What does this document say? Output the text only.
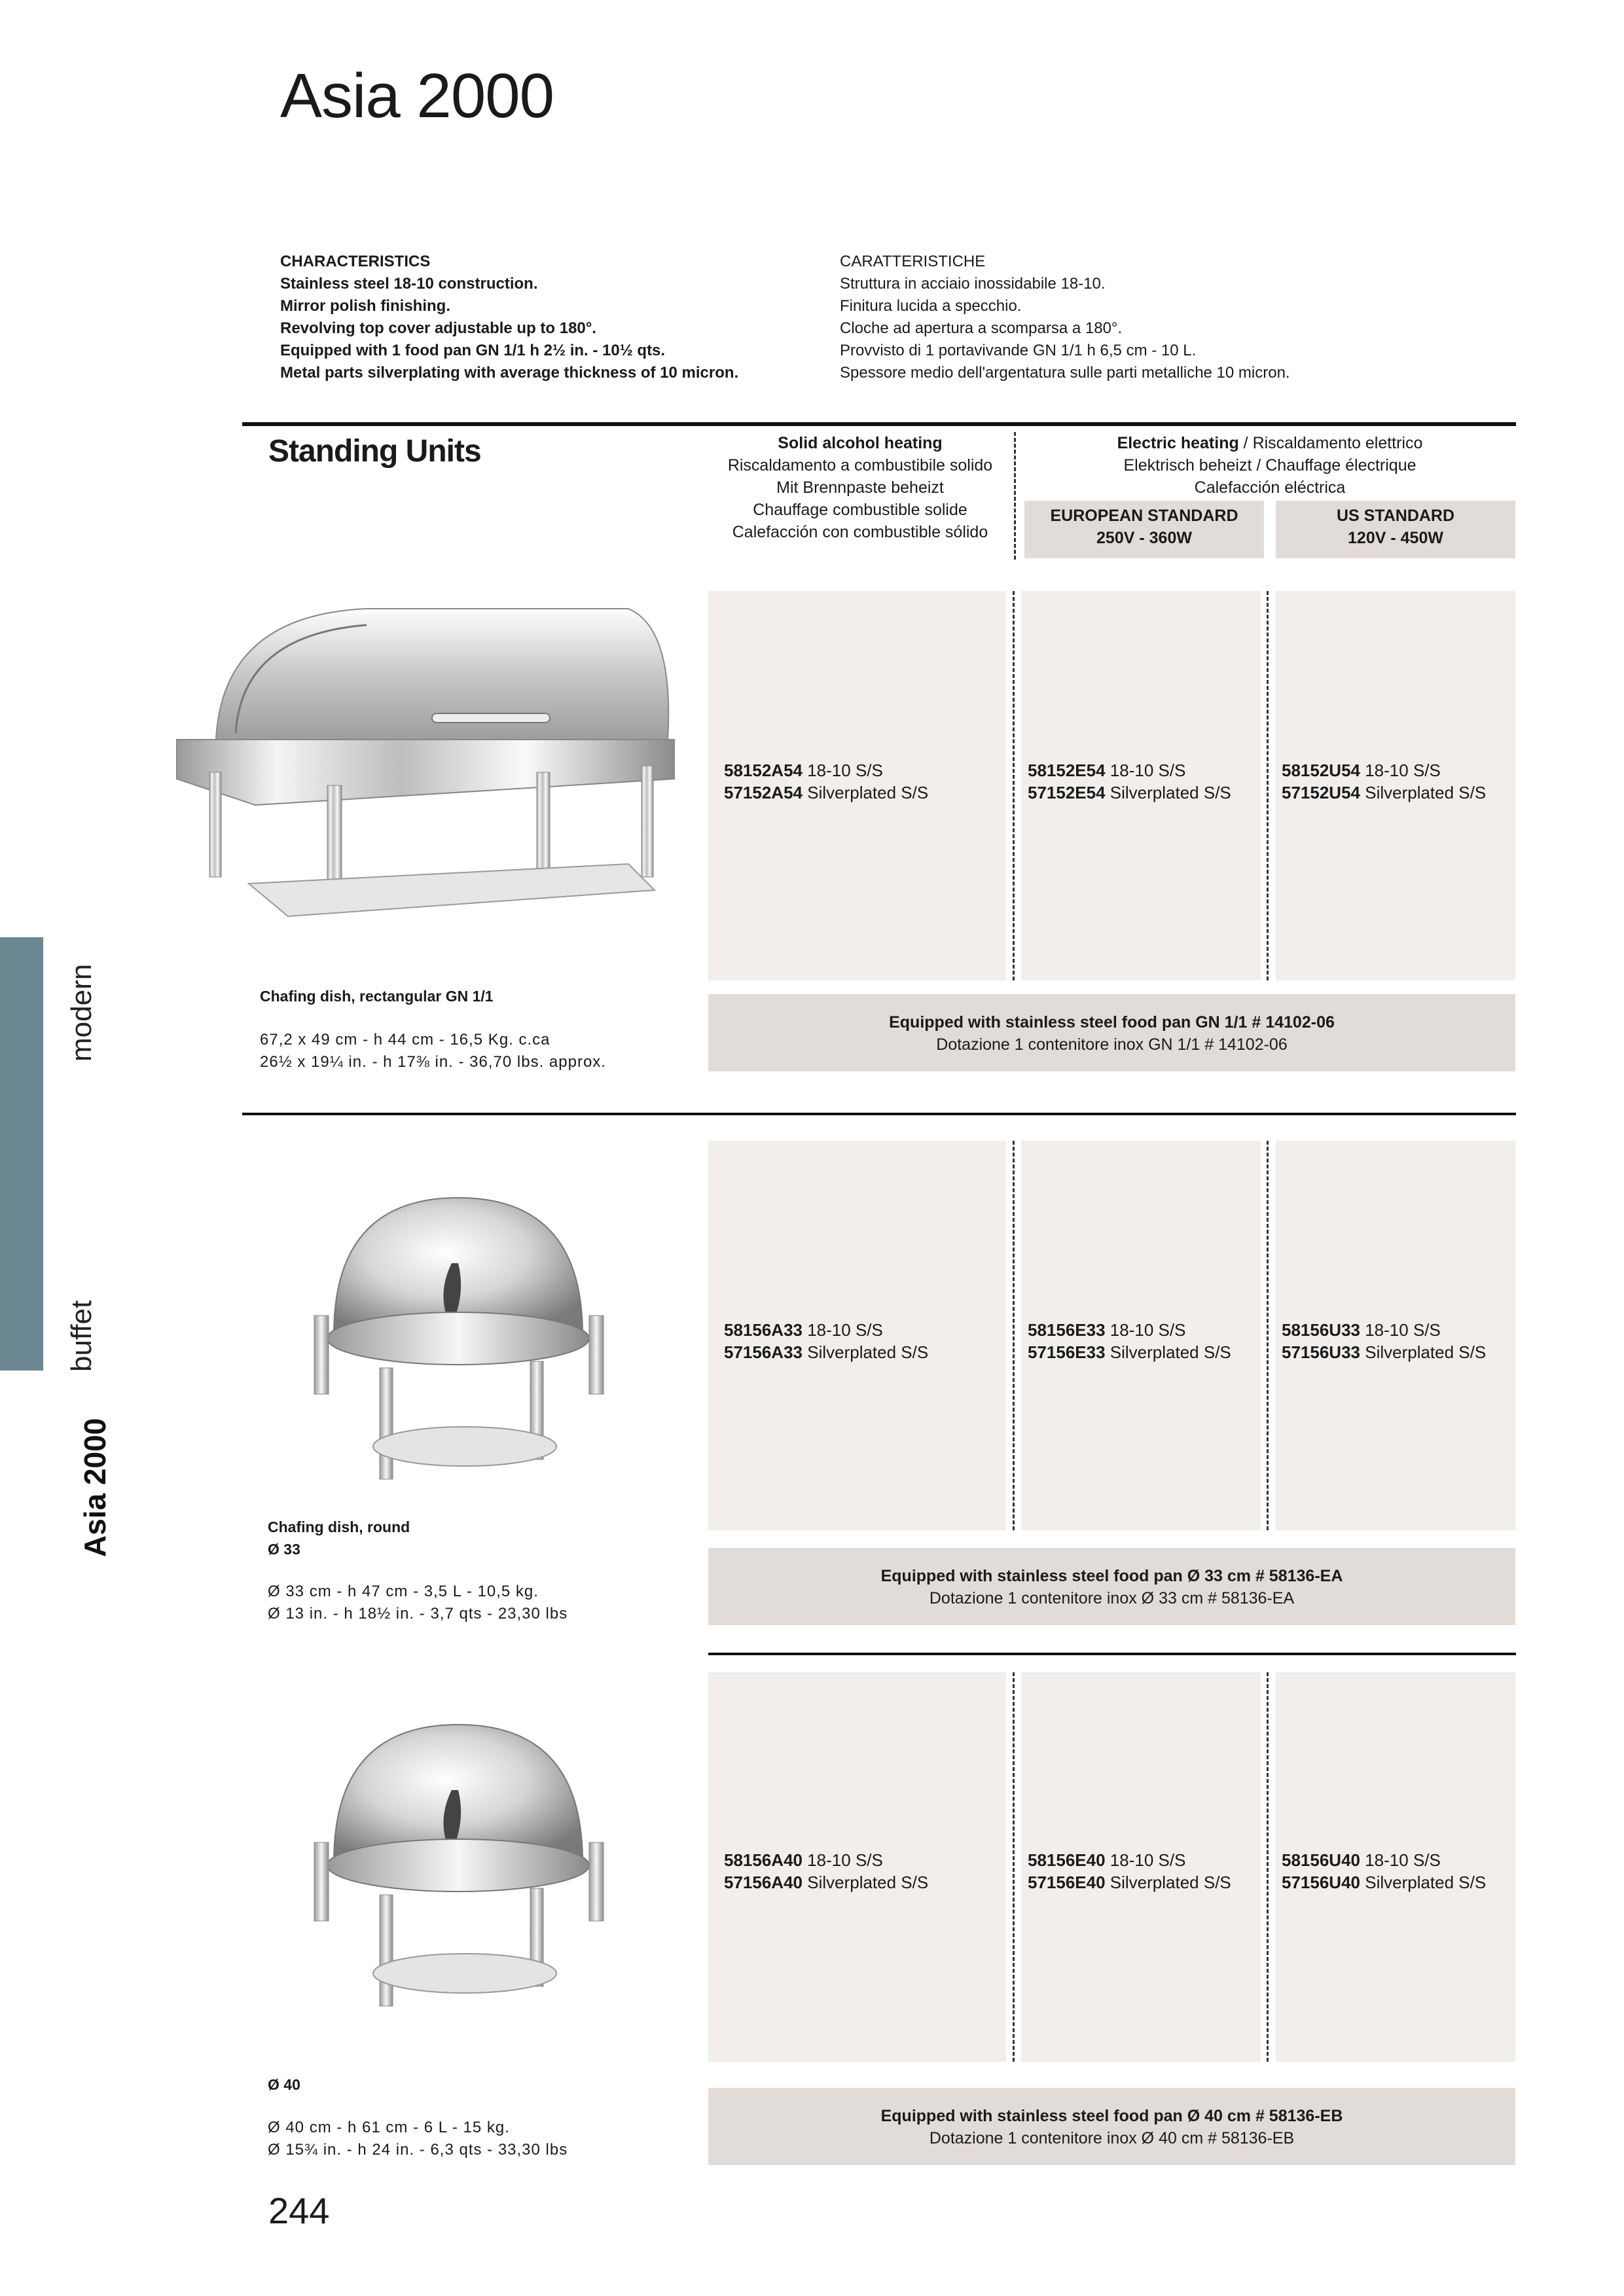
Asia 2000
CHARACTERISTICS
Stainless steel 18-10 construction.
Mirror polish finishing.
Revolving top cover adjustable up to 180°.
Equipped with 1 food pan GN 1/1 h 2½ in. - 10½ qts.
Metal parts silverplating with average thickness of 10 micron.
CARATTERISTICHE
Struttura in acciaio inossidabile 18-10.
Finitura lucida a specchio.
Cloche ad apertura a scomparsa a 180°.
Provvisto di 1 portavivande GN 1/1 h 6,5 cm - 10 L.
Spessore medio dell'argentatura sulle parti metalliche 10 micron.
Standing Units	Solid alcohol heating
Riscaldamento a combustibile solido
Mit Brennpaste beheizt
Chauffage combustible solide
Calefacción con combustible sólido
Electric heating / Riscaldamento elettrico
Elektrisch beheizt / Chauffage électrique
Calefacción eléctrica
EUROPEAN STANDARD
250V - 360W
US STANDARD
120V - 450W
58152A54 18-10 S/S
57152A54 Silverplated S/S
58152E54 18-10 S/S
57152E54 Silverplated S/S
58152U54 18-10 S/S
57152U54 Silverplated S/S
Equipped with stainless steel food pan GN 1/1 # 14102-06
Dotazione 1 contenitore inox GN 1/1 # 14102-06
Chafing dish, rectangular GN 1/1
67,2 x 49 cm - h 44 cm - 16,5 Kg. c.ca
26½ x 19¼ in. - h 17⅜ in. - 36,70 lbs. approx.
58156A33 18-10 S/S
57156A33 Silverplated S/S
58156E33 18-10 S/S
57156E33 Silverplated S/S
58156U33 18-10 S/S
57156U33 Silverplated S/S
Equipped with stainless steel food pan Ø 33 cm # 58136-EA
Dotazione 1 contenitore inox Ø 33 cm # 58136-EA
Chafing dish, round
Ø 33
Ø 33 cm - h 47 cm - 3,5 L - 10,5 kg.
Ø 13 in. - h 18½ in. - 3,7 qts - 23,30 lbs
58156A40 18-10 S/S
57156A40 Silverplated S/S
58156E40 18-10 S/S
57156E40 Silverplated S/S
58156U40 18-10 S/S
57156U40 Silverplated S/S
Equipped with stainless steel food pan Ø 40 cm # 58136-EB
Dotazione 1 contenitore inox Ø 40 cm # 58136-EB
Ø 40
Ø 40 cm - h 61 cm - 6 L - 15 kg.
Ø 15¾ in. - h 24 in. - 6,3 qts - 33,30 lbs
modern
buffet
Asia 2000
244
